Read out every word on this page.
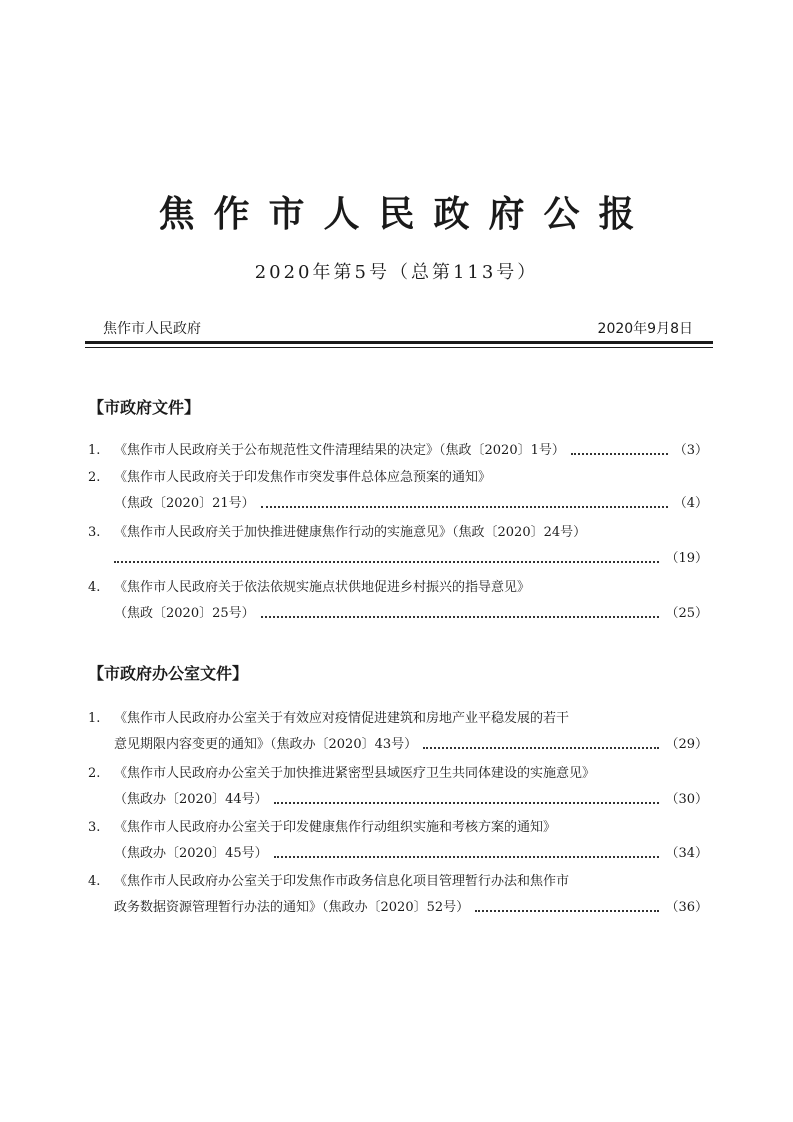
焦作市人民政府公报
2020年第5号（总第113号）
焦作市人民政府	2020年9月8日
【市政府文件】
1.	《焦作市人民政府关于公布规范性文件清理结果的决定》（焦政〔2020〕1号）	（3）
2.	《焦作市人民政府关于印发焦作市突发事件总体应急预案的通知》
（焦政〔2020〕21号）	（4）
3.	《焦作市人民政府关于加快推进健康焦作行动的实施意见》（焦政〔2020〕24号）
（19）
4.	《焦作市人民政府关于依法依规实施点状供地促进乡村振兴的指导意见》
（焦政〔2020〕25号）	（25）
【市政府办公室文件】
1.	《焦作市人民政府办公室关于有效应对疫情促进建筑和房地产业平稳发展的若干
意见期限内容变更的通知》（焦政办〔2020〕43号）	（29）
2.	《焦作市人民政府办公室关于加快推进紧密型县域医疗卫生共同体建设的实施意见》
（焦政办〔2020〕44号）	（30）
3.	《焦作市人民政府办公室关于印发健康焦作行动组织实施和考核方案的通知》
（焦政办〔2020〕45号）	（34）
4.	《焦作市人民政府办公室关于印发焦作市政务信息化项目管理暂行办法和焦作市
政务数据资源管理暂行办法的通知》（焦政办〔2020〕52号）	（36）
